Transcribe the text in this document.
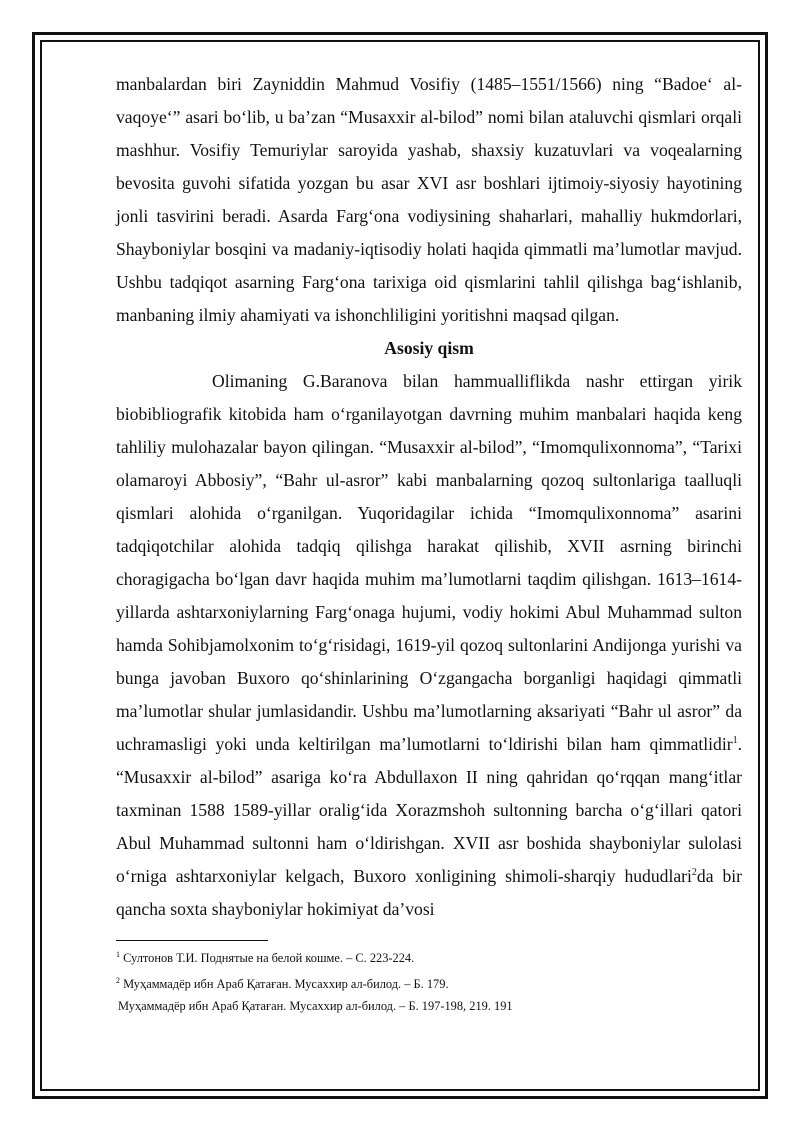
manbalardan biri Zayniddin Mahmud Vosifiy (1485–1551/1566) ning “Badoe‘ al-vaqoye‘” asari bo‘lib, u ba’zan “Musaxxir al-bilod” nomi bilan ataluvchi qismlari orqali mashhur. Vosifiy Temuriylar saroyida yashab, shaxsiy kuzatuvlari va voqealarning bevosita guvohi sifatida yozgan bu asar XVI asr boshlari ijtimoiy-siyosiy hayotining jonli tasvirini beradi. Asarda Farg‘ona vodiysining shaharlari, mahalliy hukmdorlari, Shayboniylar bosqini va madaniy-iqtisodiy holati haqida qimmatli ma’lumotlar mavjud. Ushbu tadqiqot asarning Farg‘ona tarixiga oid qismlarini tahlil qilishga bag‘ishlanib, manbaning ilmiy ahamiyati va ishonchliligini yoritishni maqsad qilgan.

Asosiy qism

Olimaning G.Baranova bilan hammualliflikda nashr ettirgan yirik biobibliografik kitobida ham o‘rganilayotgan davrning muhim manbalari haqida keng tahliliy mulohazalar bayon qilingan. “Musaxxir al-bilod”, “Imomqulixonnoma”, “Tarixi olamaroyi Abbosiy”, “Bahr ul-asror” kabi manbalarning qozoq sultonlariga taalluqli qismlari alohida o‘rganilgan. Yuqoridagilar ichida “Imomqulixonnoma” asarini tadqiqotchilar alohida tadqiq qilishga harakat qilishib, XVII asrning birinchi choragigacha bo‘lgan davr haqida muhim ma’lumotlarni taqdim qilishgan. 1613–1614-yillarda ashtarxoniylarning Farg‘onaga hujumi, vodiy hokimi Abul Muhammad sulton hamda Sohibjamolxonim to‘g‘risidagi, 1619-yil qozoq sultonlarini Andijonga yurishi va bunga javoban Buxoro qo‘shinlarining O‘zgangacha borganligi haqidagi qimmatli ma’lumotlar shular jumlasidandir. Ushbu ma’lumotlarning aksariyati “Bahr ul asror” da uchramasligi yoki unda keltirilgan ma’lumotlarni to‘ldirishi bilan ham qimmatlidir$^1$. “Musaxxir al-bilod” asariga ko‘ra Abdullaxon II ning qahridan qo‘rqqan mang‘itlar taxminan 1588 1589-yillar oralig‘ida Xorazmshoh sultonning barcha o‘g‘illari qatori Abul Muhammad sultonni ham o‘ldirishgan. XVII asr boshida shayboniylar sulolasi o‘rniga ashtarxoniylar kelgach, Buxoro xonligining shimoli-sharqiy hududlari$^2$da bir qancha soxta shayboniylar hokimiyat da’vosi

$^1$ Султонов Т.И. Поднятые на белой кошме. – С. 223-224.

$^2$ Муҳаммадёр ибн Араб Қатаған. Мусаххир ал-билод. – Б. 179.

Муҳаммадёр ибн Араб Қатаған. Мусаххир ал-билод. – Б. 197-198, 219. 191
